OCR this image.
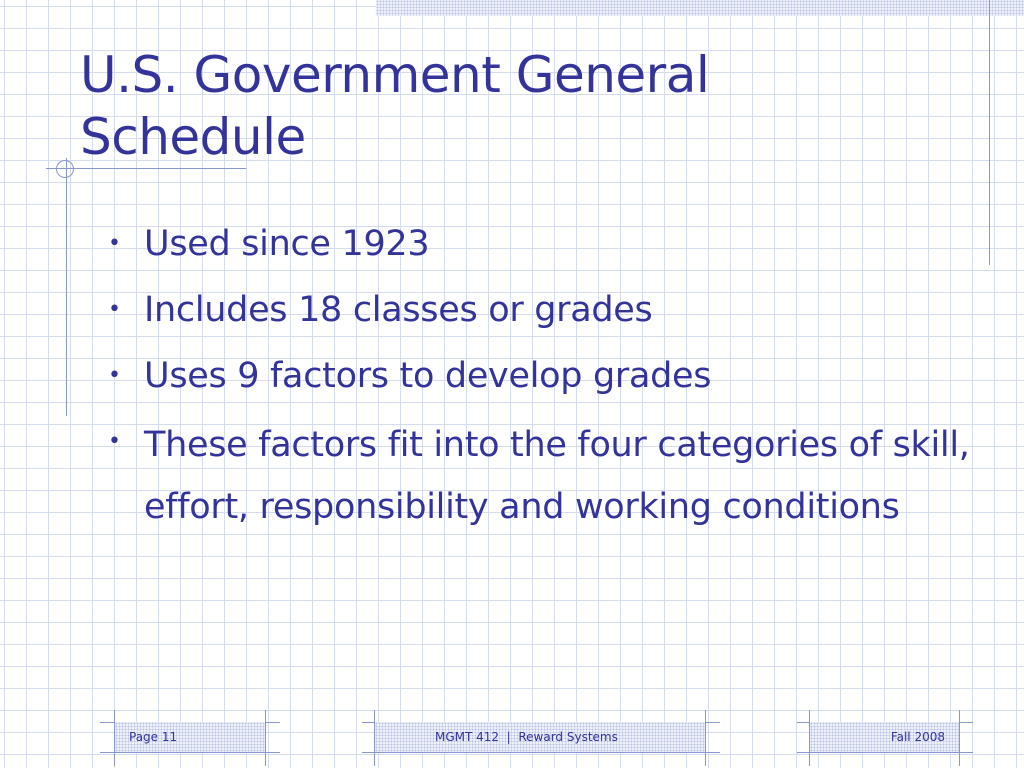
U.S. Government General
Schedule
• Used since 1923
• Includes 18 classes or grades
• Uses 9 factors to develop grades
• These factors fit into the four categories of skill, effort, responsibility and working conditions
Page 11	MGMT 412  |  Reward Systems	Fall 2008
